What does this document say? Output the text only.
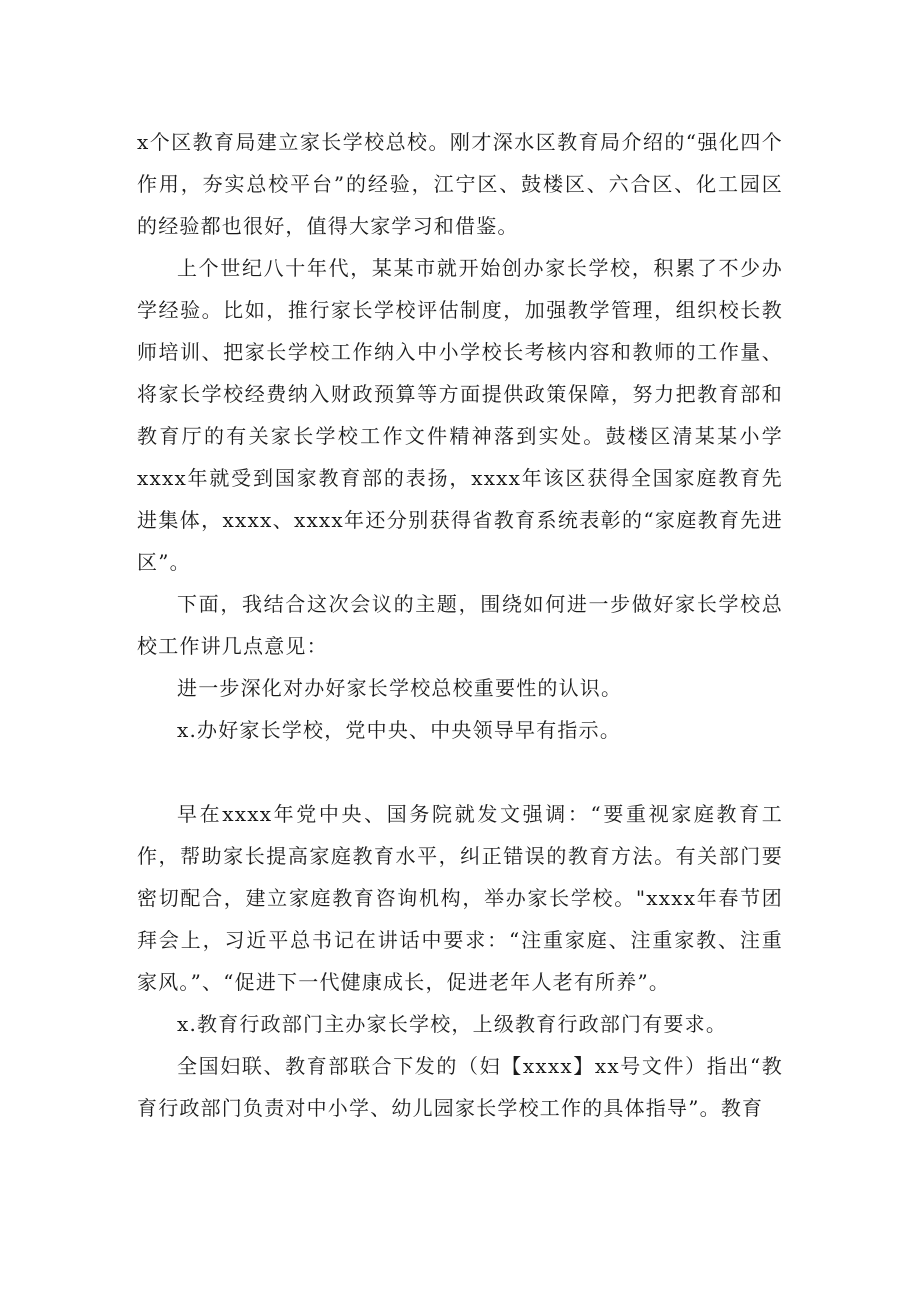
x个区教育局建立家长学校总校。刚才深水区教育局介绍的“强化四个作用，夯实总校平台”的经验，江宁区、鼓楼区、六合区、化工园区的经验都也很好，值得大家学习和借鉴。

上个世纪八十年代，某某市就开始创办家长学校，积累了不少办学经验。比如，推行家长学校评估制度，加强教学管理，组织校长教师培训、把家长学校工作纳入中小学校长考核内容和教师的工作量、将家长学校经费纳入财政预算等方面提供政策保障，努力把教育部和教育厅的有关家长学校工作文件精神落到实处。鼓楼区清某某小学xxxx年就受到国家教育部的表扬，xxxx年该区获得全国家庭教育先进集体，xxxx、xxxx年还分别获得省教育系统表彰的“家庭教育先进区”。

下面，我结合这次会议的主题，围绕如何进一步做好家长学校总校工作讲几点意见：

进一步深化对办好家长学校总校重要性的认识。

x.办好家长学校，党中央、中央领导早有指示。

早在xxxx年党中央、国务院就发文强调：“要重视家庭教育工作，帮助家长提高家庭教育水平，纠正错误的教育方法。有关部门要密切配合，建立家庭教育咨询机构，举办家长学校。"xxxx年春节团拜会上，习近平总书记在讲话中要求：“注重家庭、注重家教、注重家风。”、“促进下一代健康成长，促进老年人老有所养”。

x.教育行政部门主办家长学校，上级教育行政部门有要求。

全国妇联、教育部联合下发的（妇【xxxx】xx号文件）指出“教育行政部门负责对中小学、幼儿园家长学校工作的具体指导”。教育
